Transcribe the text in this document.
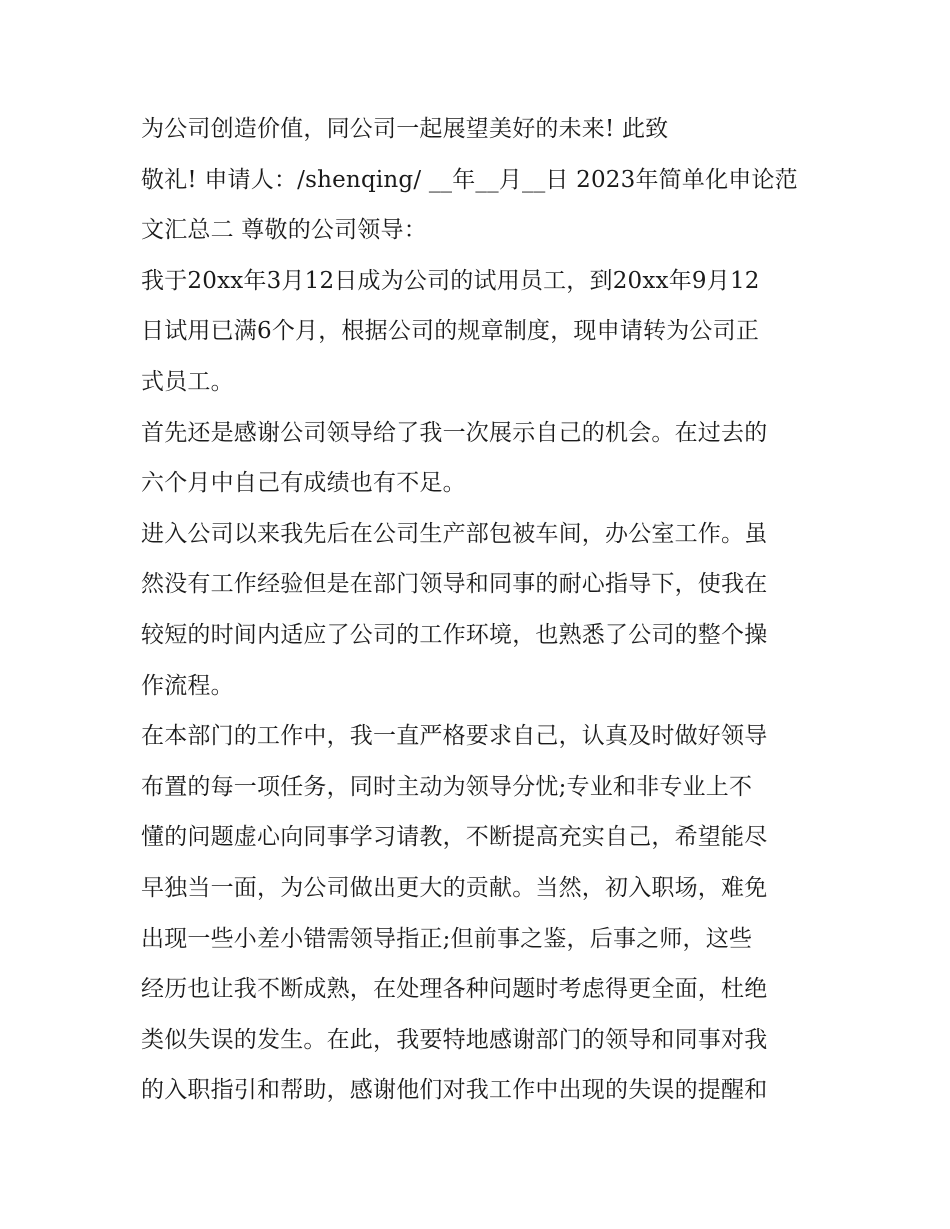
为公司创造价值，同公司一起展望美好的未来! 此致
敬礼! 申请人：/shenqing/ __年__月__日 2023年简单化申论范
文汇总二 尊敬的公司领导：
我于20xx年3月12日成为公司的试用员工，到20xx年9月12
日试用已满6个月，根据公司的规章制度，现申请转为公司正
式员工。
首先还是感谢公司领导给了我一次展示自己的机会。在过去的
六个月中自己有成绩也有不足。
进入公司以来我先后在公司生产部包被车间，办公室工作。虽
然没有工作经验但是在部门领导和同事的耐心指导下，使我在
较短的时间内适应了公司的工作环境，也熟悉了公司的整个操
作流程。
在本部门的工作中，我一直严格要求自己，认真及时做好领导
布置的每一项任务，同时主动为领导分忧;专业和非专业上不
懂的问题虚心向同事学习请教，不断提高充实自己，希望能尽
早独当一面，为公司做出更大的贡献。当然，初入职场，难免
出现一些小差小错需领导指正;但前事之鉴，后事之师，这些
经历也让我不断成熟，在处理各种问题时考虑得更全面，杜绝
类似失误的发生。在此，我要特地感谢部门的领导和同事对我
的入职指引和帮助，感谢他们对我工作中出现的失误的提醒和
